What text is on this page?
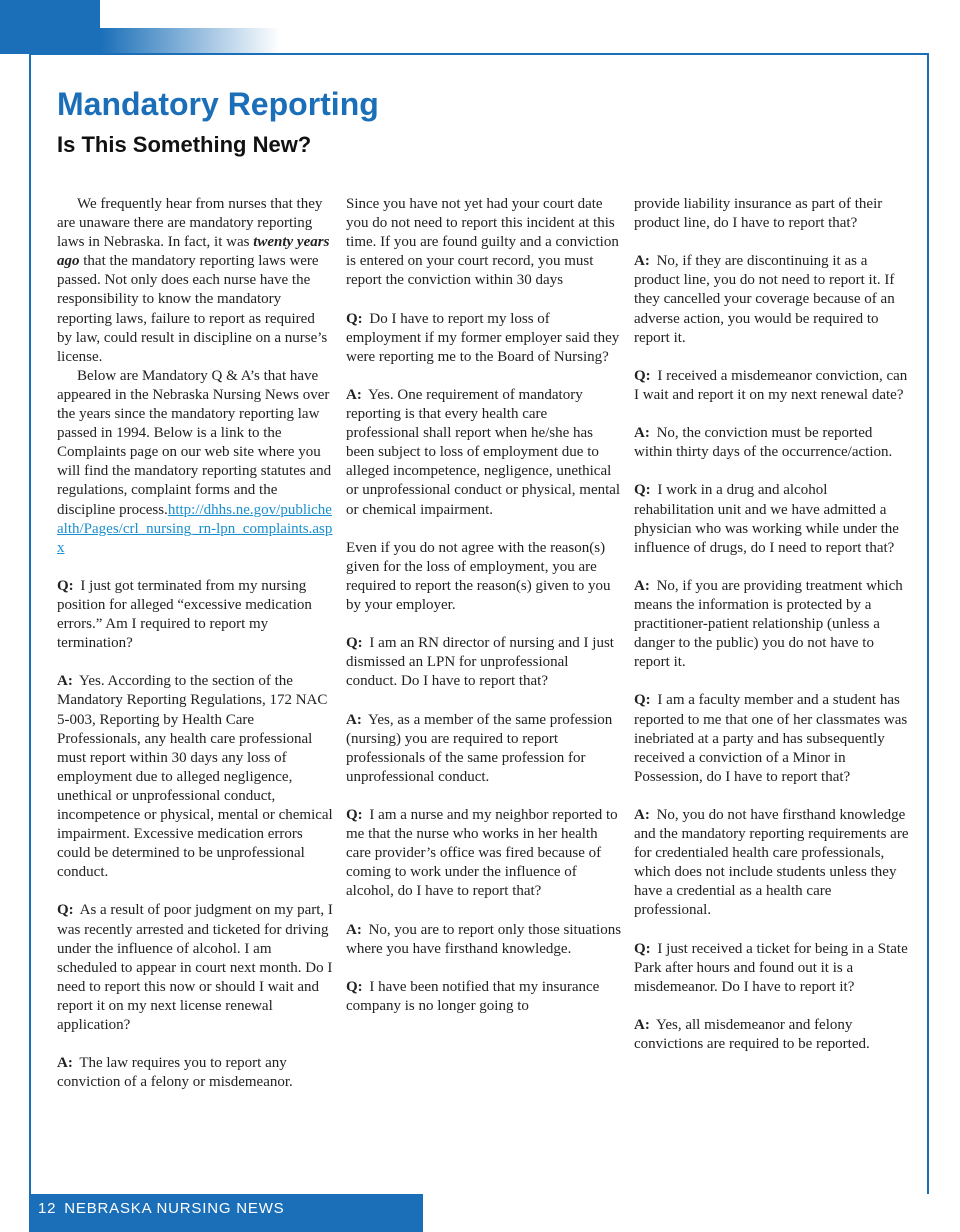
Mandatory Reporting
Is This Something New?

We frequently hear from nurses that they are unaware there are mandatory reporting laws in Nebraska. In fact, it was twenty years ago that the mandatory reporting laws were passed. Not only does each nurse have the responsibility to know the mandatory reporting laws, failure to report as required by law, could result in discipline on a nurse’s license.

Below are Mandatory Q & A’s that have appeared in the Nebraska Nursing News over the years since the mandatory reporting law passed in 1994. Below is a link to the Complaints page on our web site where you will find the mandatory reporting statutes and regulations, complaint forms and the discipline process.http://dhhs.ne.gov/publichealth/Pages/crl_nursing_rn-lpn_complaints.aspx

Q: I just got terminated from my nursing position for alleged “excessive medication errors.” Am I required to report my termination?

A: Yes. According to the section of the Mandatory Reporting Regulations, 172 NAC 5-003, Reporting by Health Care Professionals, any health care professional must report within 30 days any loss of employment due to alleged negligence, unethical or unprofessional conduct, incompetence or physical, mental or chemical impairment. Excessive medication errors could be determined to be unprofessional conduct.

Q: As a result of poor judgment on my part, I was recently arrested and ticketed for driving under the influence of alcohol. I am scheduled to appear in court next month. Do I need to report this now or should I wait and report it on my next license renewal application?

A: The law requires you to report any conviction of a felony or misdemeanor.

Since you have not yet had your court date you do not need to report this incident at this time. If you are found guilty and a conviction is entered on your court record, you must report the conviction within 30 days

Q: Do I have to report my loss of employment if my former employer said they were reporting me to the Board of Nursing?

A: Yes. One requirement of mandatory reporting is that every health care professional shall report when he/she has been subject to loss of employment due to alleged incompetence, negligence, unethical or unprofessional conduct or physical, mental or chemical impairment.

Even if you do not agree with the reason(s) given for the loss of employment, you are required to report the reason(s) given to you by your employer.

Q: I am an RN director of nursing and I just dismissed an LPN for unprofessional conduct. Do I have to report that?

A: Yes, as a member of the same profession (nursing) you are required to report professionals of the same profession for unprofessional conduct.

Q: I am a nurse and my neighbor reported to me that the nurse who works in her health care provider’s office was fired because of coming to work under the influence of alcohol, do I have to report that?

A: No, you are to report only those situations where you have firsthand knowledge.

Q: I have been notified that my insurance company is no longer going to

provide liability insurance as part of their product line, do I have to report that?

A: No, if they are discontinuing it as a product line, you do not need to report it. If they cancelled your coverage because of an adverse action, you would be required to report it.

Q: I received a misdemeanor conviction, can I wait and report it on my next renewal date?

A: No, the conviction must be reported within thirty days of the occurrence/action.

Q: I work in a drug and alcohol rehabilitation unit and we have admitted a physician who was working while under the influence of drugs, do I need to report that?

A: No, if you are providing treatment which means the information is protected by a practitioner-patient relationship (unless a danger to the public) you do not have to report it.

Q: I am a faculty member and a student has reported to me that one of her classmates was inebriated at a party and has subsequently received a conviction of a Minor in Possession, do I have to report that?

A: No, you do not have firsthand knowledge and the mandatory reporting requirements are for credentialed health care professionals, which does not include students unless they have a credential as a health care professional.

Q: I just received a ticket for being in a State Park after hours and found out it is a misdemeanor. Do I have to report it?

A: Yes, all misdemeanor and felony convictions are required to be reported.

12 NEBRASKA NURSING NEWS
